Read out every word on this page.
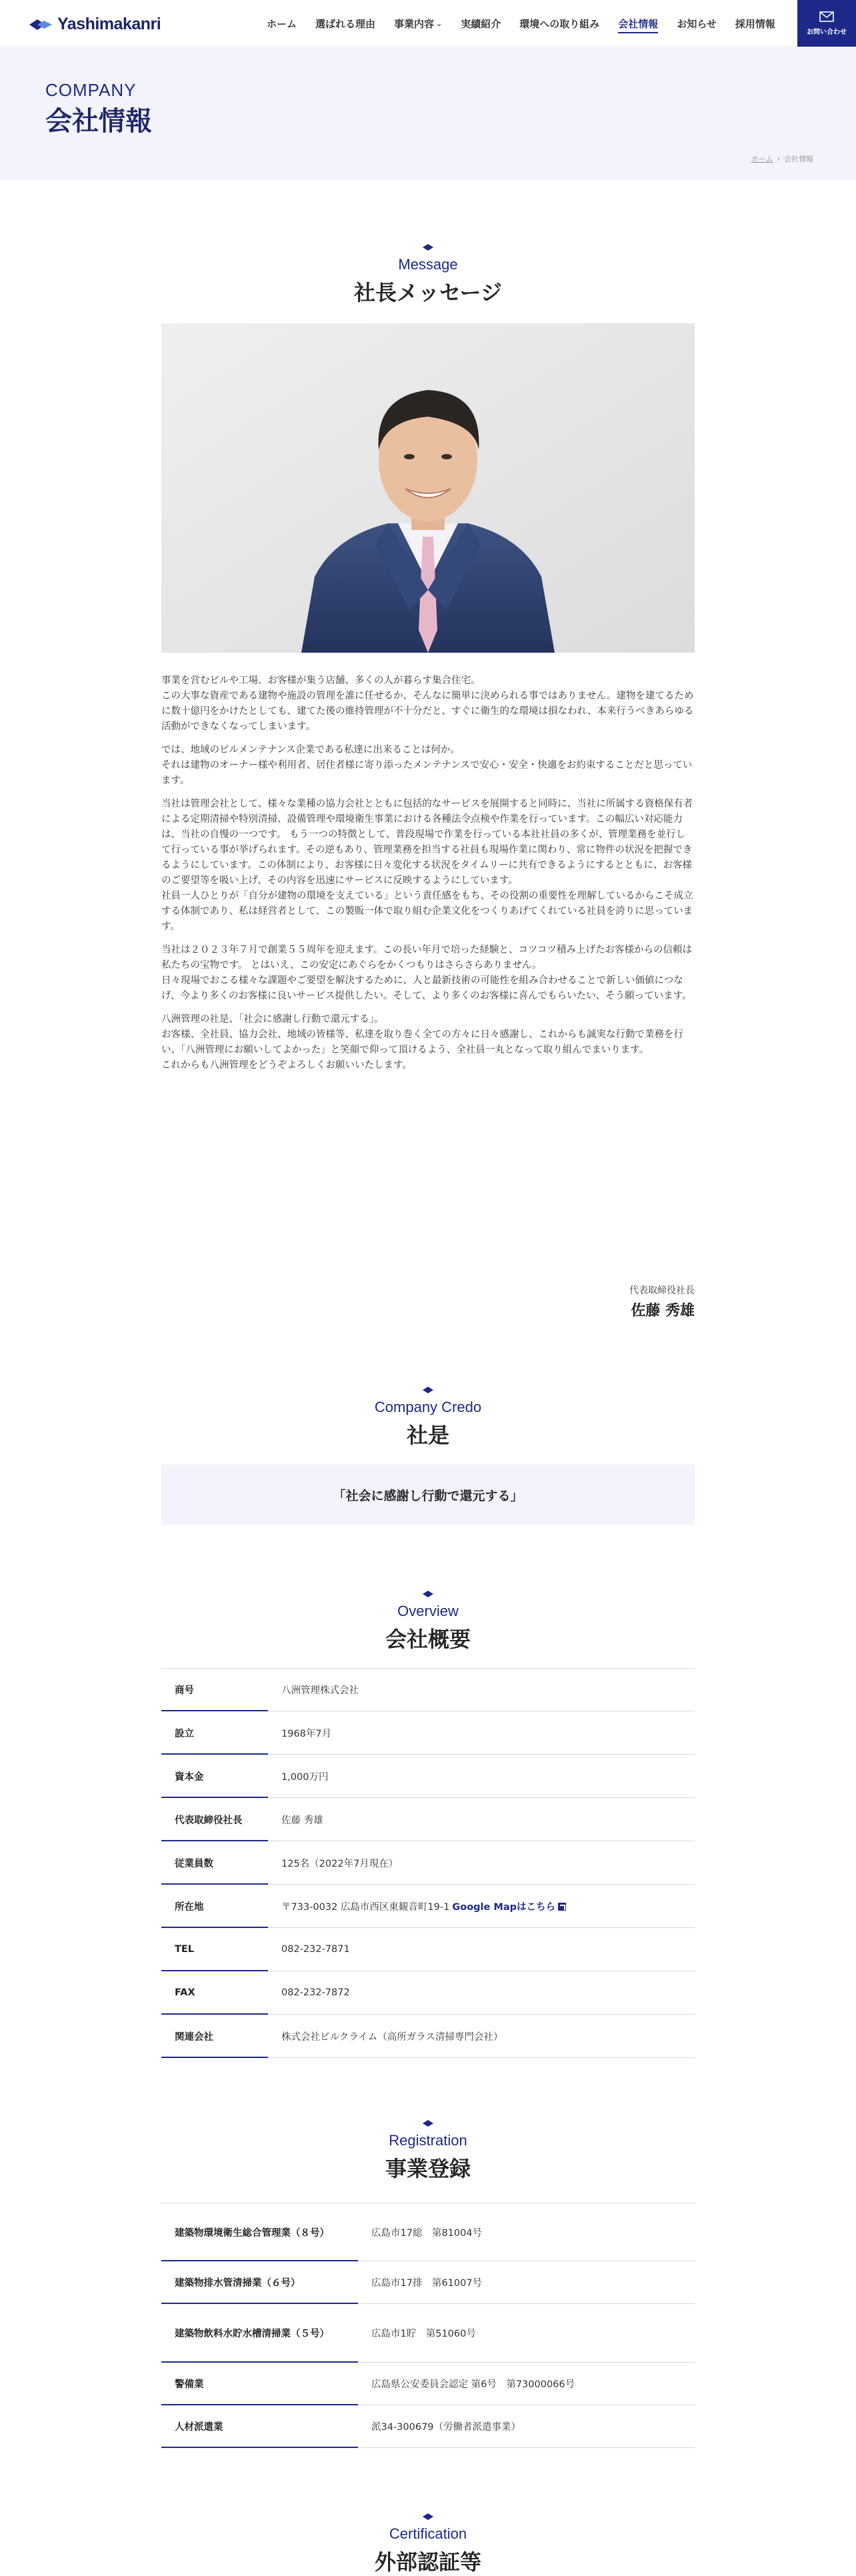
Yashimakanri	ホーム	選ばれる理由	事業内容 ⌄	実績紹介	環境への取り組み	会社情報	お知らせ	採用情報
お問い合わせ
COMPANY
会社情報
ホーム › 会社情報
Message
社長メッセージ

事業を営むビルや工場、お客様が集う店舗、多くの人が暮らす集合住宅。
この大事な資産である建物や施設の管理を誰に任せるか、そんなに簡単に決められる事ではありません。建物を建てるために数十億円をかけたとしても、建てた後の維持管理が不十分だと、すぐに衛生的な環境は損なわれ、本来行うべきあらゆる活動ができなくなってしまいます。

では、地域のビルメンテナンス企業である私達に出来ることは何か。
それは建物のオーナー様や利用者、居住者様に寄り添ったメンテナンスで安心・安全・快適をお約束することだと思っています。

当社は管理会社として、様々な業種の協力会社とともに包括的なサービスを展開すると同時に、当社に所属する資格保有者による定期清掃や特別清掃、設備管理や環境衛生事業における各種法令点検や作業を行っています。この幅広い対応能力は、当社の自慢の一つです。 もう一つの特徴として、普段現場で作業を行っている本社社員の多くが、管理業務を並行して行っている事が挙げられます。その逆もあり、管理業務を担当する社員も現場作業に関わり、常に物件の状況を把握できるようにしています。この体制により、お客様に日々変化する状況をタイムリーに共有できるようにするとともに、お客様のご要望等を吸い上げ、その内容を迅速にサービスに反映するようにしています。
社員一人ひとりが「自分が建物の環境を支えている」という責任感をもち、その役割の重要性を理解しているからこそ成立する体制であり、私は経営者として、この製販一体で取り組む企業文化をつくりあげてくれている社員を誇りに思っています。

当社は２０２３年７月で創業５５周年を迎えます。この長い年月で培った経験と、コツコツ積み上げたお客様からの信頼は私たちの宝物です。 とはいえ、この安定にあぐらをかくつもりはさらさらありません。
日々現場でおこる様々な課題やご要望を解決するために、人と最新技術の可能性を組み合わせることで新しい価値につなげ、今より多くのお客様に良いサービス提供したい。そして、より多くのお客様に喜んでもらいたい、そう願っています。

八洲管理の社是、「社会に感謝し行動で還元する」。
お客様、全社員、協力会社、地域の皆様等、私達を取り巻く全ての方々に日々感謝し、これからも誠実な行動で業務を行い、「八洲管理にお願いしてよかった」と笑顔で仰って頂けるよう、全社員一丸となって取り組んでまいります。
これからも八洲管理をどうぞよろしくお願いいたします。

代表取締役社長
佐藤 秀雄
Company Credo
社是
「社会に感謝し行動で還元する」
Overview
会社概要
商号	八洲管理株式会社
設立	1968年7月
資本金	1,000万円
代表取締役社長	佐藤 秀雄
従業員数	125名（2022年7月現在）
所在地	〒733-0032 広島市西区東観音町19-1 Google Mapはこちら
TEL	082-232-7871
FAX	082-232-7872
関連会社	株式会社ビルクライム（高所ガラス清掃専門会社）
Registration
事業登録
建築物環境衛生総合管理業（８号）	広島市17総　第81004号
建築物排水管清掃業（６号）	広島市17排　第61007号
建築物飲料水貯水槽清掃業（５号）	広島市1貯　第51060号
警備業	広島県公安委員会認定 第6号　第73000066号
人材派遣業	派34-300679（労働者派遣事業）
Certification
外部認証等
